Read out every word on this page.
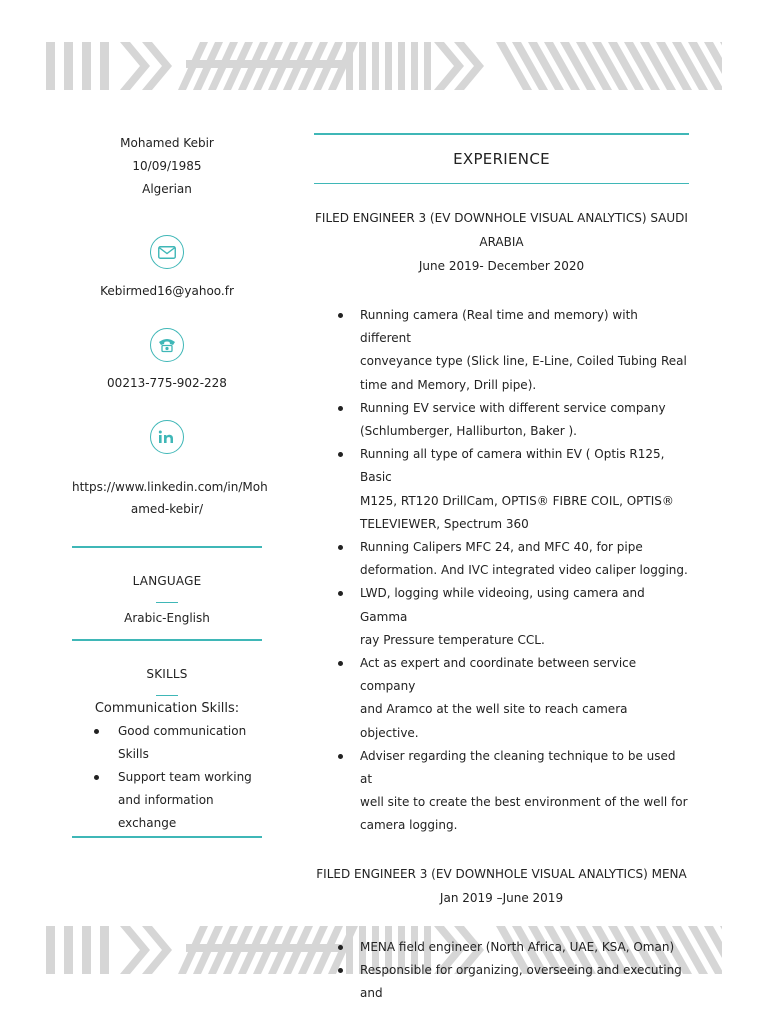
Mohamed Kebir
10/09/1985
Algerian
Kebirmed16@yahoo.fr
00213-775-902-228
https://www.linkedin.com/in/Moh
amed-kebir/
LANGUAGE
Arabic-English
SKILLS
Communication Skills:
Good communication
Skills
Support team working
and information
exchange
EXPERIENCE
FILED ENGINEER 3 (EV DOWNHOLE VISUAL ANALYTICS) SAUDI
ARABIA
June 2019- December 2020
Running camera (Real time and memory) with different
conveyance type (Slick line, E-Line, Coiled Tubing Real
time and Memory, Drill pipe).
Running EV service with different service company
(Schlumberger, Halliburton, Baker ).
Running all type of camera within EV ( Optis R125, Basic
M125, RT120 DrillCam, OPTIS® FIBRE COIL, OPTIS®
TELEVIEWER, Spectrum 360
Running Calipers MFC 24, and MFC 40, for pipe
deformation. And IVC integrated video caliper logging.
LWD, logging while videoing, using camera and Gamma
ray Pressure temperature CCL.
Act as expert and coordinate between service company
and Aramco at the well site to reach camera objective.
Adviser regarding the cleaning technique to be used at
well site to create the best environment of the well for
camera logging.
FILED ENGINEER 3 (EV DOWNHOLE VISUAL ANALYTICS) MENA
Jan 2019 –June 2019
MENA field engineer (North Africa, UAE, KSA, Oman)
Responsible for organizing, overseeing and executing and
